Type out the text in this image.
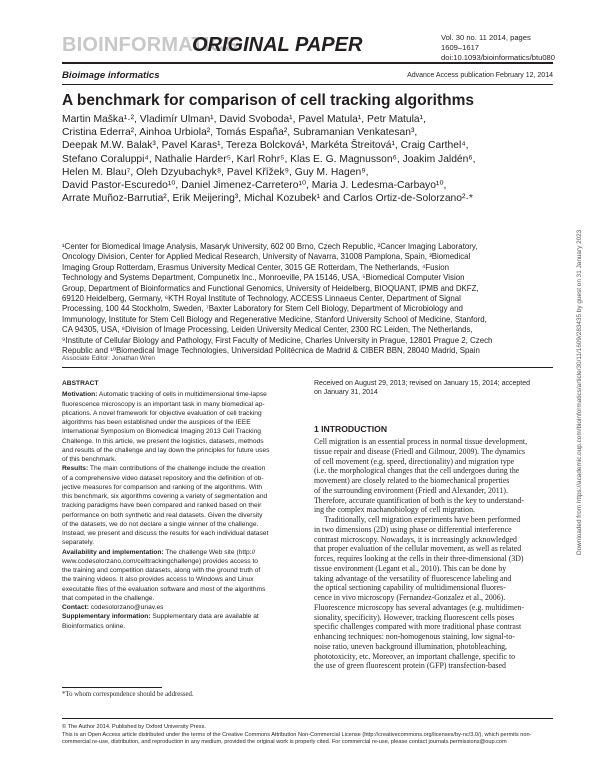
BIOINFORMATICS
ORIGINAL PAPER	Vol. 30 no. 11 2014, pages 1609–1617
doi:10.1093/bioinformatics/btu080
Bioimage informatics	Advance Access publication February 12, 2014
A benchmark for comparison of cell tracking algorithms
Martin Maška¹·², Vladimír Ulman¹, David Svoboda¹, Pavel Matula¹, Petr Matula¹,
Cristina Ederra², Ainhoa Urbiola², Tomás España², Subramanian Venkatesan³,
Deepak M.W. Balak³, Pavel Karas¹, Tereza Bolcková¹, Markéta Štreitová¹, Craig Carthel⁴,
Stefano Coraluppi⁴, Nathalie Harder⁵, Karl Rohr⁵, Klas E. G. Magnusson⁶, Joakim Jaldén⁶,
Helen M. Blau⁷, Oleh Dzyubachyk⁸, Pavel Křížek⁹, Guy M. Hagen⁹,
David Pastor-Escuredo¹⁰, Daniel Jimenez-Carretero¹⁰, Maria J. Ledesma-Carbayo¹⁰,
Arrate Muñoz-Barrutia², Erik Meijering³, Michal Kozubek¹ and Carlos Ortiz-de-Solorzano²·*
¹Center for Biomedical Image Analysis, Masaryk University, 602 00 Brno, Czech Republic, ²Cancer Imaging Laboratory,
Oncology Division, Center for Applied Medical Research, University of Navarra, 31008 Pamplona, Spain, ³Biomedical
Imaging Group Rotterdam, Erasmus University Medical Center, 3015 GE Rotterdam, The Netherlands, ⁴Fusion
Technology and Systems Department, Compunetix Inc., Monroeville, PA 15146, USA, ⁵Biomedical Computer Vision
Group, Department of Bioinformatics and Functional Genomics, University of Heidelberg, BIOQUANT, IPMB and DKFZ,
69120 Heidelberg, Germany, ⁶KTH Royal Institute of Technology, ACCESS Linnaeus Center, Department of Signal
Processing, 100 44 Stockholm, Sweden, ⁷Baxter Laboratory for Stem Cell Biology, Department of Microbiology and
Immunology, Institute for Stem Cell Biology and Regenerative Medicine, Stanford University School of Medicine, Stanford,
CA 94305, USA, ⁸Division of Image Processing, Leiden University Medical Center, 2300 RC Leiden, The Netherlands,
⁹Institute of Cellular Biology and Pathology, First Faculty of Medicine, Charles University in Prague, 12801 Prague 2, Czech
Republic and ¹⁰Biomedical Image Technologies, Universidad Politécnica de Madrid & CIBER BBN, 28040 Madrid, Spain
Associate Editor: Jonathan Wren
ABSTRACT
Motivation: Automatic tracking of cells in multidimensional time-lapse
fluorescence microscopy is an important task in many biomedical ap-
plications. A novel framework for objective evaluation of cell tracking
algorithms has been established under the auspices of the IEEE
International Symposium on Biomedical Imaging 2013 Cell Tracking
Challenge. In this article, we present the logistics, datasets, methods
and results of the challenge and lay down the principles for future uses
of this benchmark.
Results: The main contributions of the challenge include the creation
of a comprehensive video dataset repository and the definition of ob-
jective measures for comparison and ranking of the algorithms. With
this benchmark, six algorithms covering a variety of segmentation and
tracking paradigms have been compared and ranked based on their
performance on both synthetic and real datasets. Given the diversity
of the datasets, we do not declare a single winner of the challenge.
Instead, we present and discuss the results for each individual dataset
separately.
Availability and implementation: The challenge Web site (http://
www.codesolorzano.com/celltrackingchallenge) provides access to
the training and competition datasets, along with the ground truth of
the training videos. It also provides access to Windows and Linux
executable files of the evaluation software and most of the algorithms
that competed in the challenge.
Contact: codesolorzano@unav.es
Supplementary information: Supplementary data are available at
Bioinformatics online.
Received on August 29, 2013; revised on January 15, 2014; accepted
on January 31, 2014
1 INTRODUCTION
Cell migration is an essential process in normal tissue development,
tissue repair and disease (Friedl and Gilmour, 2009). The dynamics
of cell movement (e.g. speed, directionality) and migration type
(i.e. the morphological changes that the cell undergoes during the
movement) are closely related to the biomechanical properties
of the surrounding environment (Friedl and Alexander, 2011).
Therefore, accurate quantification of both is the key to understand-
ing the complex machanobiology of cell migration.
Traditionally, cell migration experiments have been performed
in two dimensions (2D) using phase or differential interference
contrast microscopy. Nowadays, it is increasingly acknowledged
that proper evaluation of the cellular movement, as well as related
forces, requires looking at the cells in their three-dimensional (3D)
tissue environment (Legant et al., 2010). This can be done by
taking advantage of the versatility of fluorescence labeling and
the optical sectioning capability of multidimensional fluores-
cence in vivo microscopy (Fernandez-Gonzalez et al., 2006).
Fluorescence microscopy has several advantages (e.g. multidimen-
sionality, specificity). However, tracking fluorescent cells poses
specific challenges compared with more traditional phase contrast
enhancing techniques: non-homogenous staining, low signal-to-
noise ratio, uneven background illumination, photobleaching,
phototoxicity, etc. Moreover, an important challenge, specific to
the use of green fluorescent protein (GFP) transfection-based
*To whom correspondence should be addressed.
© The Author 2014. Published by Oxford University Press.
This is an Open Access article distributed under the terms of the Creative Commons Attribution Non-Commercial License (http://creativecommons.org/licenses/by-nc/3.0/), which permits non-
commercial re-use, distribution, and reproduction in any medium, provided the original work is properly cited. For commercial re-use, please contact journals.permissions@oup.com
Downloaded from https://academic.oup.com/bioinformatics/article/30/11/1609/283435 by guest on 31 January 2023
